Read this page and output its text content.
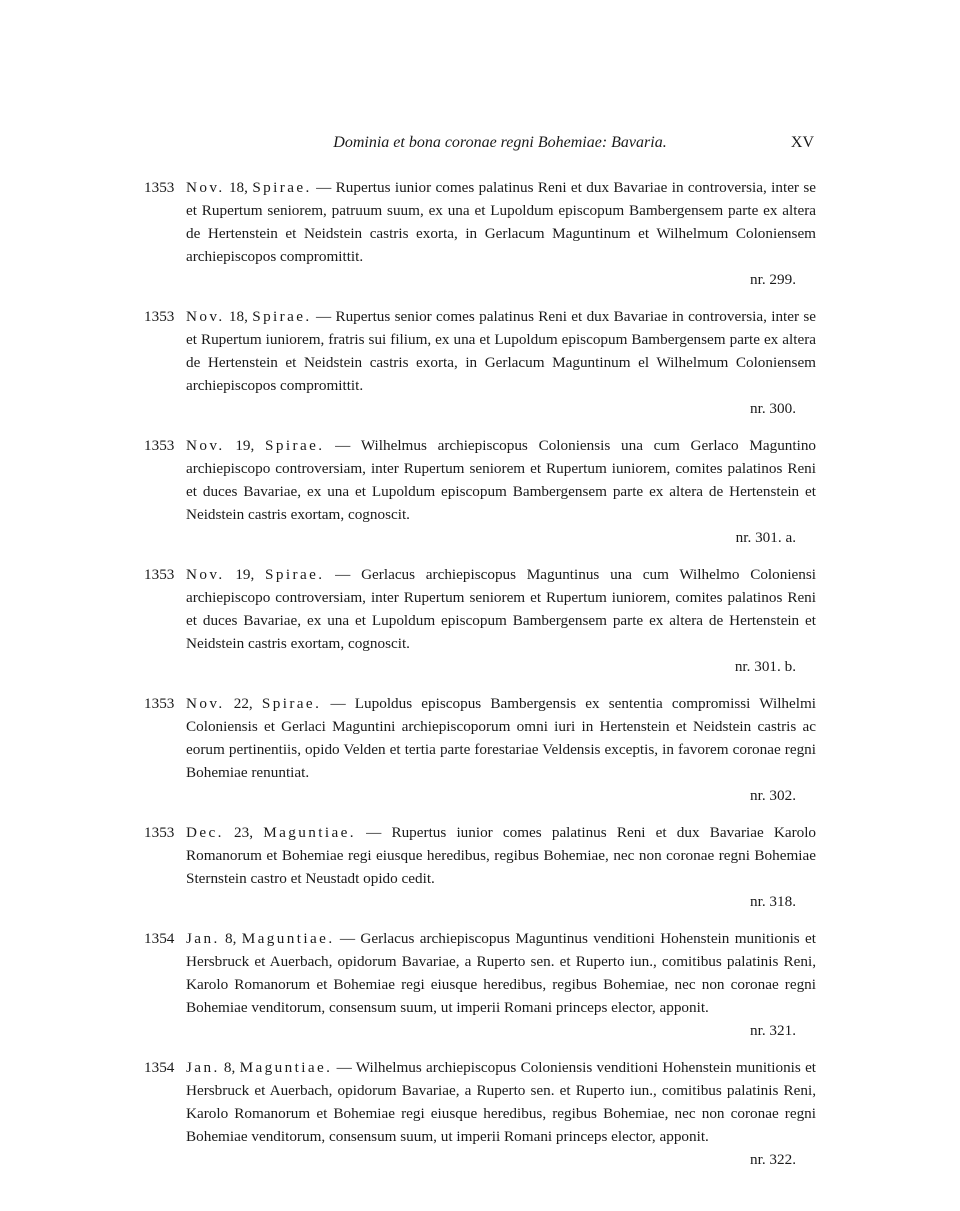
Dominia et bona coronae regni Bohemiae: Bavaria.	XV
1353 Nov. 18, Spirae. — Rupertus iunior comes palatinus Reni et dux Bavariae in controversia, inter se et Rupertum seniorem, patruum suum, ex una et Lupoldum episcopum Bambergensem parte ex altera de Hertenstein et Neidstein castris exorta, in Gerlacum Maguntinum et Wilhelmum Coloniensem archiepiscopos compromittit.
nr. 299.
1353 Nov. 18, Spirae. — Rupertus senior comes palatinus Reni et dux Bavariae in controversia, inter se et Rupertum iuniorem, fratris sui filium, ex una et Lupoldum episcopum Bambergensem parte ex altera de Hertenstein et Neidstein castris exorta, in Gerlacum Maguntinum el Wilhelmum Coloniensem archiepiscopos compromittit.
nr. 300.
1353 Nov. 19, Spirae. — Wilhelmus archiepiscopus Coloniensis una cum Gerlaco Maguntino archiepiscopo controversiam, inter Rupertum seniorem et Rupertum iuniorem, comites palatinos Reni et duces Bavariae, ex una et Lupoldum episcopum Bambergensem parte ex altera de Hertenstein et Neidstein castris exortam, cognoscit.
nr. 301. a.
1353 Nov. 19, Spirae. — Gerlacus archiepiscopus Maguntinus una cum Wilhelmo Coloniensi archiepiscopo controversiam, inter Rupertum seniorem et Rupertum iuniorem, comites palatinos Reni et duces Bavariae, ex una et Lupoldum episcopum Bambergensem parte ex altera de Hertenstein et Neidstein castris exortam, cognoscit.
nr. 301. b.
1353 Nov. 22, Spirae. — Lupoldus episcopus Bambergensis ex sententia compromissi Wilhelmi Coloniensis et Gerlaci Maguntini archiepiscoporum omni iuri in Hertenstein et Neidstein castris ac eorum pertinentiis, opido Velden et tertia parte forestariae Veldensis exceptis, in favorem coronae regni Bohemiae renuntiat.
nr. 302.
1353 Dec. 23, Maguntiae. — Rupertus iunior comes palatinus Reni et dux Bavariae Karolo Romanorum et Bohemiae regi eiusque heredibus, regibus Bohemiae, nec non coronae regni Bohemiae Sternstein castro et Neustadt opido cedit.
nr. 318.
1354 Jan. 8, Maguntiae. — Gerlacus archiepiscopus Maguntinus venditioni Hohenstein munitionis et Hersbruck et Auerbach, opidorum Bavariae, a Ruperto sen. et Ruperto iun., comitibus palatinis Reni, Karolo Romanorum et Bohemiae regi eiusque heredibus, regibus Bohemiae, nec non coronae regni Bohemiae venditorum, consensum suum, ut imperii Romani princeps elector, apponit.
nr. 321.
1354 Jan. 8, Maguntiae. — Wilhelmus archiepiscopus Coloniensis venditioni Hohenstein munitionis et Hersbruck et Auerbach, opidorum Bavariae, a Ruperto sen. et Ruperto iun., comitibus palatinis Reni, Karolo Romanorum et Bohemiae regi eiusque heredibus, regibus Bohemiae, nec non coronae regni Bohemiae venditorum, consensum suum, ut imperii Romani princeps elector, apponit.
nr. 322.
